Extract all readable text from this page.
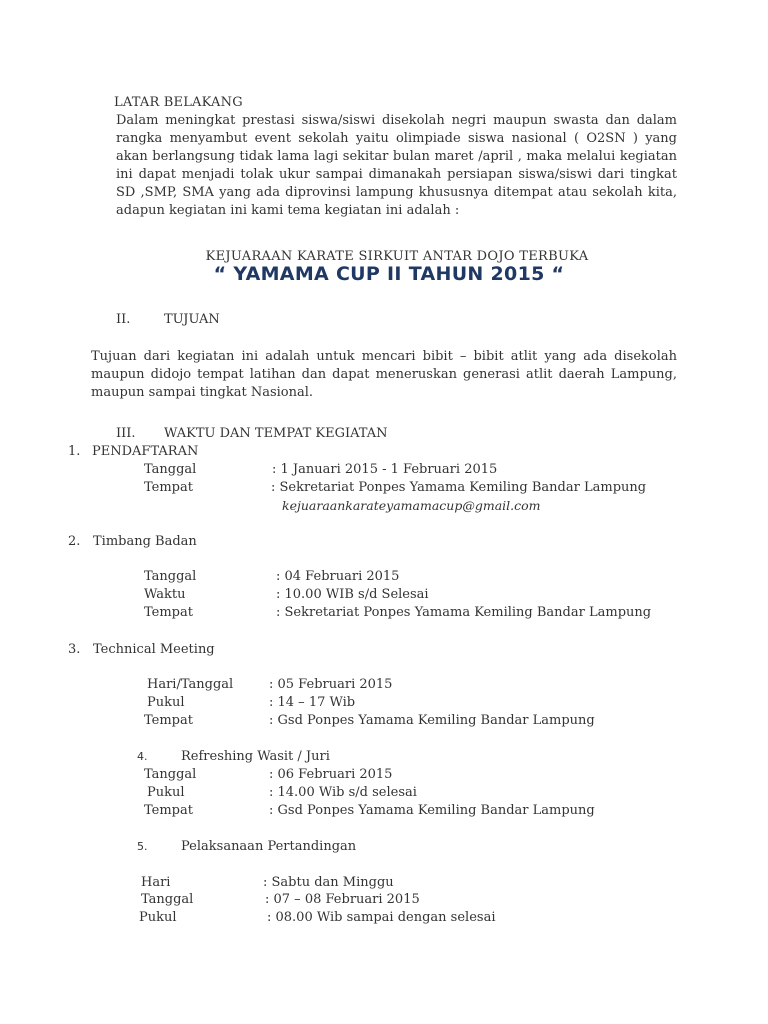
LATAR BELAKANG
Dalam meningkat prestasi siswa/siswi disekolah negri maupun swasta dan dalam rangka menyambut event sekolah yaitu olimpiade siswa nasional ( O2SN ) yang akan berlangsung tidak lama lagi sekitar bulan maret /april , maka melalui kegiatan ini dapat menjadi tolak ukur sampai dimanakah persiapan siswa/siswi dari tingkat SD ,SMP, SMA yang ada diprovinsi lampung khususnya ditempat atau sekolah kita, adapun kegiatan ini kami tema kegiatan ini adalah :
KEJUARAAN KARATE SIRKUIT ANTAR DOJO TERBUKA
“ YAMAMA CUP II TAHUN 2015 “
II.	TUJUAN
Tujuan dari kegiatan ini adalah untuk mencari bibit – bibit atlit yang ada disekolah maupun didojo tempat latihan dan dapat meneruskan generasi atlit daerah Lampung, maupun sampai tingkat Nasional.
III. WAKTU DAN TEMPAT KEGIATAN
1. PENDAFTARAN
Tanggal	: 1 Januari 2015 - 1 Februari 2015
Tempat	: Sekretariat Ponpes Yamama Kemiling Bandar Lampung
kejuaraankarateyamamacup@gmail.com
2. Timbang Badan
Tanggal	: 04 Februari 2015
Waktu	: 10.00 WIB s/d Selesai
Tempat	: Sekretariat Ponpes Yamama Kemiling Bandar Lampung
3. Technical Meeting
Hari/Tanggal	: 05 Februari 2015
Pukul	: 14 – 17 Wib
Tempat	: Gsd Ponpes Yamama Kemiling Bandar Lampung
4.	Refreshing Wasit / Juri
Tanggal	: 06 Februari 2015
Pukul	: 14.00 Wib s/d selesai
Tempat	: Gsd Ponpes Yamama Kemiling Bandar Lampung
5.	Pelaksanaan Pertandingan
Hari	: Sabtu dan Minggu
Tanggal	: 07 – 08 Februari 2015
Pukul	: 08.00 Wib sampai dengan selesai
